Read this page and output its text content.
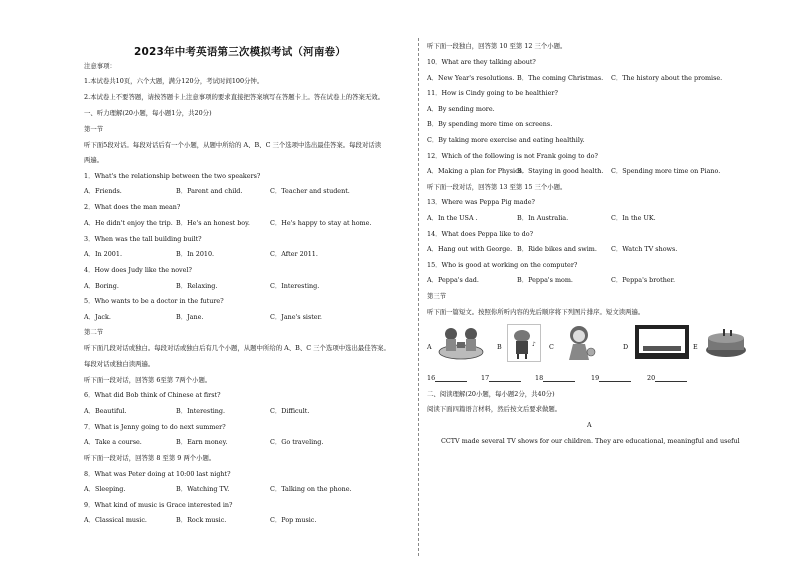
2023年中考英语第三次模拟考试（河南卷）
注意事项：
1.本试卷共10页，六个大题，满分120分，考试时间100分钟。
2.本试卷上不要答题，请按答题卡上注意事项的要求直接把答案填写在答题卡上。答在试卷上的答案无效。
一、听力理解(20小题，每小题1分，共20分)
第一节
听下面5段对话。每段对话后有一个小题，从题中所给的 A、B、C 三个选项中选出最佳答案。每段对话读
两遍。
1．What's the relationship between the two speakers?
A．Friends.	B．Parent and child.	C．Teacher and student.
2．What does the man mean?
A．He didn't enjoy the trip. B．He's an honest boy.	C．He's happy to stay at home.
3．When was the tall building built?
A．In 2001.	B．In 2010.	C．After 2011.
4．How does Judy like the novel?
A．Boring.	B．Relaxing.	C．Interesting.
5．Who wants to be a doctor in the future?
A．Jack.	B．Jane.	C．Jane's sister.
第二节
听下面几段对话或独白。每段对话或独白后有几个小题，从题中所给的 A、B、C 三个选项中选出最佳答案。
每段对话或独白读两遍。
听下面一段对话，回答第 6至第 7两个小题。
6．What did Bob think of Chinese at first?
A．Beautiful.	B．Interesting.	C．Difficult.
7．What is Jenny going to do next summer?
A．Take a course.	B．Earn money.	C．Go traveling.
听下面一段对话，回答第 8 至第 9 两个小题。
8．What was Peter doing at 10:00 last night?
A．Sleeping.	B．Watching TV.	C．Talking on the phone.
9．What kind of music is Grace interested in?
A．Classical music.	B．Rock music.	C．Pop music.
听下面一段独白，回答第 10 至第 12 三个小题。
10．What are they talking about?
A．New Year's resolutions. B．The coming Christmas. C．The history about the promise.
11．How is Cindy going to be healthier?
A．By sending more.
B．By spending more time on screens.
C．By taking more exercise and eating healthily.
12．Which of the following is not Frank going to do?
A．Making a plan for Physics.
B．Staying in good health. C．Spending more time on Piano.
听下面一段对话，回答第 13 至第 15 三个小题。
13．Where was Peppa Pig made?
A．In the USA .	B．In Australia.	C．In the UK.
14．What does Peppa like to do?
A．Hang out with George. B．Ride bikes and swim. C．Watch TV shows.
15．Who is good at working on the computer?
A．Peppa's dad.	B．Peppa's mom.	C．Peppa's brother.
第三节
听下面一篇短文。按照你所听内容的先后顺序将下列图片排序。短文读两遍。
A	B	♪ C	D	E
16	17	18	19	20
二、阅读理解(20小题，每小题2分，共40分)
阅读下面四篇语言材料，然后按文后要求做题。
A
CCTV made several TV shows for our children. They are educational, meaningful and useful
